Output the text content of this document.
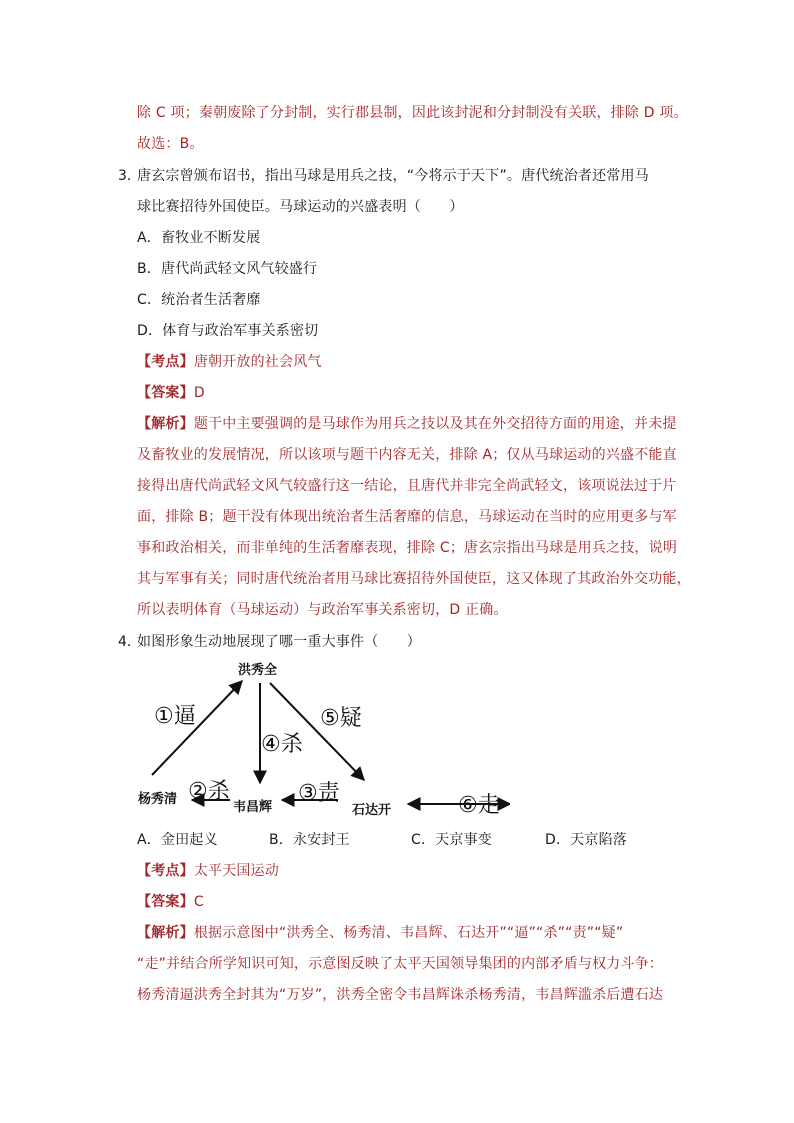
除 C 项；秦朝废除了分封制，实行郡县制，因此该封泥和分封制没有关联，排除 D 项。
故选：B。
3．
唐玄宗曾颁布诏书，指出马球是用兵之技，“今将示于天下”。唐代统治者还常用马
球比赛招待外国使臣。马球运动的兴盛表明（　　）
A．畜牧业不断发展
B．唐代尚武轻文风气较盛行
C．统治者生活奢靡
D．体育与政治军事关系密切
【考点】唐朝开放的社会风气
【答案】D
【解析】题干中主要强调的是马球作为用兵之技以及其在外交招待方面的用途，并未提
及畜牧业的发展情况，所以该项与题干内容无关，排除 A；仅从马球运动的兴盛不能直
接得出唐代尚武轻文风气较盛行这一结论，且唐代并非完全尚武轻文，该项说法过于片
面，排除 B；题干没有体现出统治者生活奢靡的信息，马球运动在当时的应用更多与军
事和政治相关，而非单纯的生活奢靡表现，排除 C；唐玄宗指出马球是用兵之技，说明
其与军事有关；同时唐代统治者用马球比赛招待外国使臣，这又体现了其政治外交功能，
所以表明体育（马球运动）与政治军事关系密切，D 正确。
4．
如图形象生动地展现了哪一重大事件（　　）
洪秀全
杨秀清
韦昌辉	石达开
①逼
②杀	③责
④杀
⑤疑
⑥走
A．金田起义	B．永安封王	C．天京事变	D．天京陷落
【考点】太平天国运动
【答案】C
【解析】根据示意图中“洪秀全、杨秀清、韦昌辉、石达开”“逼”“杀”“责”“疑”
“走”并结合所学知识可知，示意图反映了太平天国领导集团的内部矛盾与权力斗争：
杨秀清逼洪秀全封其为“万岁”，洪秀全密令韦昌辉诛杀杨秀清，韦昌辉滥杀后遭石达
